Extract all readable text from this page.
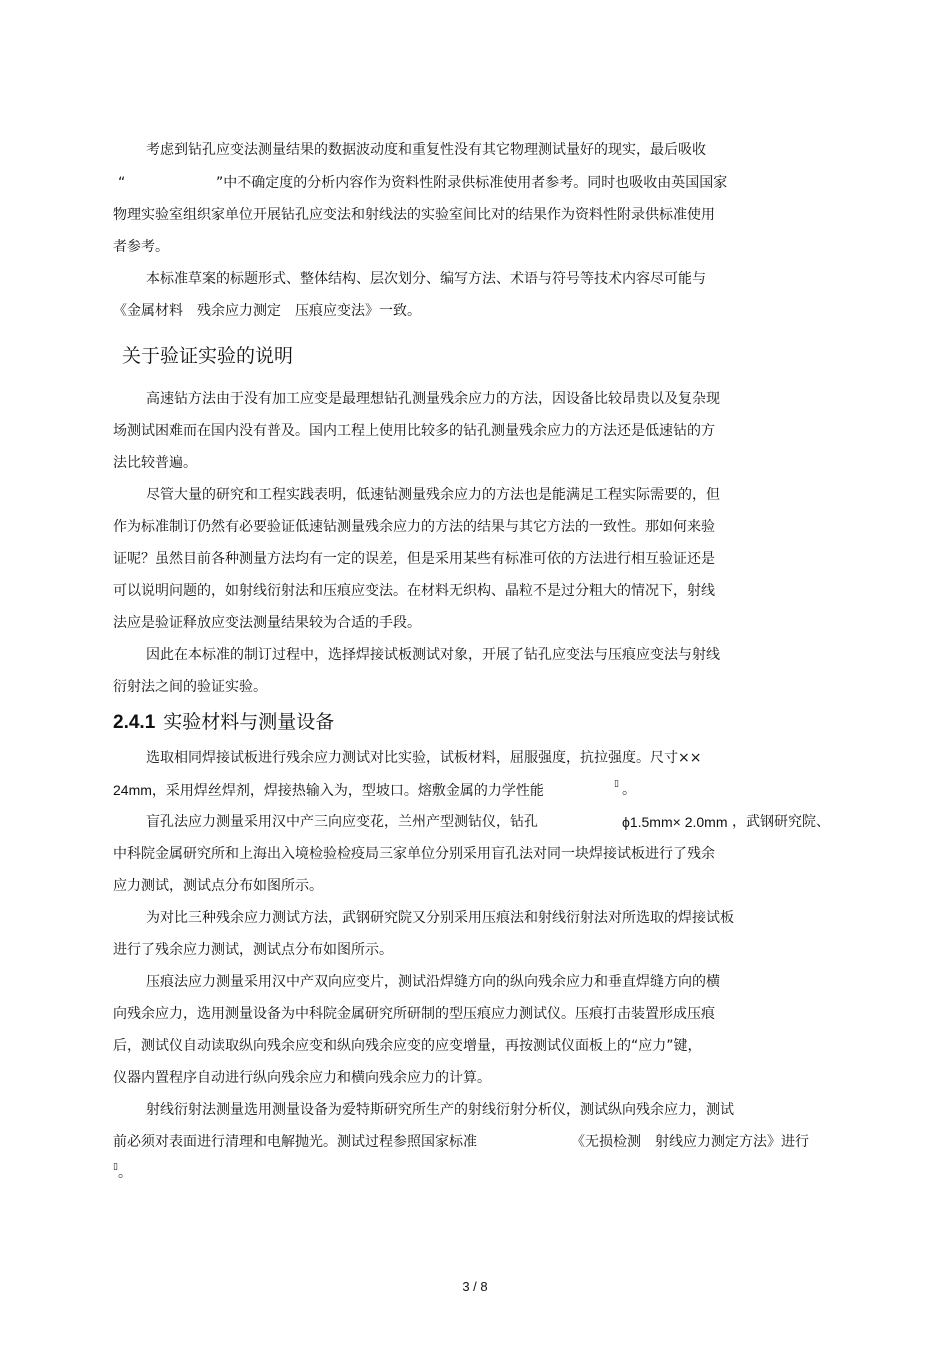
考虑到钻孔应变法测量结果的数据波动度和重复性没有其它物理测试量好的现实，最后吸收
“	”中不确定度的分析内容作为资料性附录供标准使用者参考。同时也吸收由英国国家
物理实验室组织家单位开展钻孔应变法和射线法的实验室间比对的结果作为资料性附录供标准使用
者参考。
本标准草案的标题形式、整体结构、层次划分、编写方法、术语与符号等技术内容尽可能与
《金属材料　残余应力测定　压痕应变法》一致。
关于验证实验的说明
高速钻方法由于没有加工应变是最理想钻孔测量残余应力的方法，因设备比较昂贵以及复杂现
场测试困难而在国内没有普及。国内工程上使用比较多的钻孔测量残余应力的方法还是低速钻的方
法比较普遍。
尽管大量的研究和工程实践表明，低速钻测量残余应力的方法也是能满足工程实际需要的，但
作为标准制订仍然有必要验证低速钻测量残余应力的方法的结果与其它方法的一致性。那如何来验
证呢？虽然目前各种测量方法均有一定的误差，但是采用某些有标准可依的方法进行相互验证还是
可以说明问题的，如射线衍射法和压痕应变法。在材料无织构、晶粒不是过分粗大的情况下，射线
法应是验证释放应变法测量结果较为合适的手段。
因此在本标准的制订过程中，选择焊接试板测试对象，开展了钻孔应变法与压痕应变法与射线
衍射法之间的验证实验。
2.4.1 实验材料与测量设备
选取相同焊接试板进行残余应力测试对比实验，试板材料，屈服强度，抗拉强度。尺寸××
24mm，采用焊丝焊剂，焊接热输入为，型坡口。熔敷金属的力学性能	▯ 。
盲孔法应力测量采用汉中产三向应变花，兰州产型测钻仪，钻孔	ϕ1.5mm× 2.0mm ，武钢研究院、
中科院金属研究所和上海出入境检验检疫局三家单位分别采用盲孔法对同一块焊接试板进行了残余
应力测试，测试点分布如图所示。
为对比三种残余应力测试方法，武钢研究院又分别采用压痕法和射线衍射法对所选取的焊接试板
进行了残余应力测试，测试点分布如图所示。
压痕法应力测量采用汉中产双向应变片，测试沿焊缝方向的纵向残余应力和垂直焊缝方向的横
向残余应力，选用测量设备为中科院金属研究所研制的型压痕应力测试仪。压痕打击装置形成压痕
后，测试仪自动读取纵向残余应变和纵向残余应变的应变增量，再按测试仪面板上的“应力”键，
仪器内置程序自动进行纵向残余应力和横向残余应力的计算。
射线衍射法测量选用测量设备为爱特斯研究所生产的射线衍射分析仪，测试纵向残余应力，测试
前必须对表面进行清理和电解抛光。测试过程参照国家标准	《无损检测　射线应力测定方法》进行
▯ 。
3 / 8
